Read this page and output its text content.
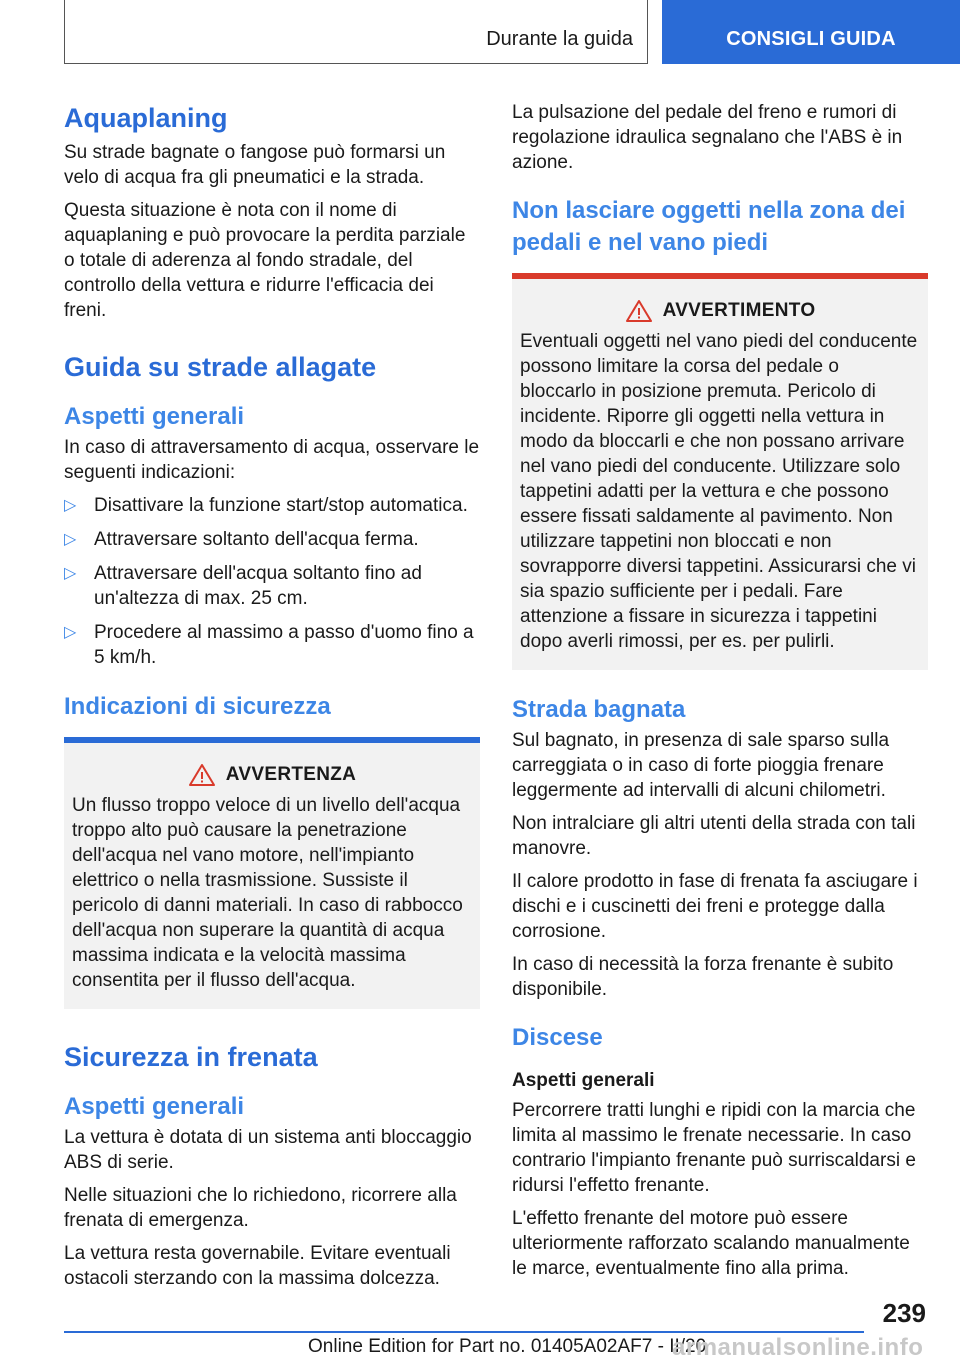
Durante la guida	CONSIGLI GUIDA
Aquaplaning

Su strade bagnate o fangose può formarsi un velo di acqua fra gli pneumatici e la strada.

Questa situazione è nota con il nome di aquaplaning e può provocare la perdita parziale o totale di aderenza al fondo stradale, del controllo della vettura e ridurre l'efficacia dei freni.

Guida su strade allagate
Aspetti generali

In caso di attraversamento di acqua, osservare le seguenti indicazioni:

▷ Disattivare la funzione start/stop automatica.
▷ Attraversare soltanto dell'acqua ferma.
▷ Attraversare dell'acqua soltanto fino ad un'altezza di max. 25 cm.
▷ Procedere al massimo a passo d'uomo fino a 5 km/h.
Indicazioni di sicurezza
AVVERTENZA

Un flusso troppo veloce di un livello dell'acqua troppo alto può causare la penetrazione dell'acqua nel vano motore, nell'impianto elettrico o nella trasmissione. Sussiste il pericolo di danni materiali. In caso di rabbocco dell'acqua non superare la quantità di acqua massima indicata e la velocità massima consentita per il flusso dell'acqua.

Sicurezza in frenata
Aspetti generali

La vettura è dotata di un sistema anti bloccaggio ABS di serie.

Nelle situazioni che lo richiedono, ricorrere alla frenata di emergenza.

La vettura resta governabile. Evitare eventuali ostacoli sterzando con la massima dolcezza.

La pulsazione del pedale del freno e rumori di regolazione idraulica segnalano che l'ABS è in azione.

Non lasciare oggetti nella zona dei pedali e nel vano piedi
AVVERTIMENTO

Eventuali oggetti nel vano piedi del conducente possono limitare la corsa del pedale o bloccarlo in posizione premuta. Pericolo di incidente. Riporre gli oggetti nella vettura in modo da bloccarli e che non possano arrivare nel vano piedi del conducente. Utilizzare solo tappetini adatti per la vettura e che possono essere fissati saldamente al pavimento. Non utilizzare tappetini non bloccati e non sovrapporre diversi tappetini. Assicurarsi che vi sia spazio sufficiente per i pedali. Fare attenzione a fissare in sicurezza i tappetini dopo averli rimossi, per es. per pulirli.

Strada bagnata

Sul bagnato, in presenza di sale sparso sulla carreggiata o in caso di forte pioggia frenare leggermente ad intervalli di alcuni chilometri.

Non intralciare gli altri utenti della strada con tali manovre.

Il calore prodotto in fase di frenata fa asciugare i dischi e i cuscinetti dei freni e protegge dalla corrosione.

In caso di necessità la forza frenante è subito disponibile.

Discese
Aspetti generali

Percorrere tratti lunghi e ripidi con la marcia che limita al massimo le frenate necessarie. In caso contrario l'impianto frenante può surriscaldarsi e ridursi l'effetto frenante.

L'effetto frenante del motore può essere ulteriormente rafforzato scalando manualmente le marce, eventualmente fino alla prima.

239
Online Edition for Part no. 01405A02AF7 - II/20
armanualsonline.info
